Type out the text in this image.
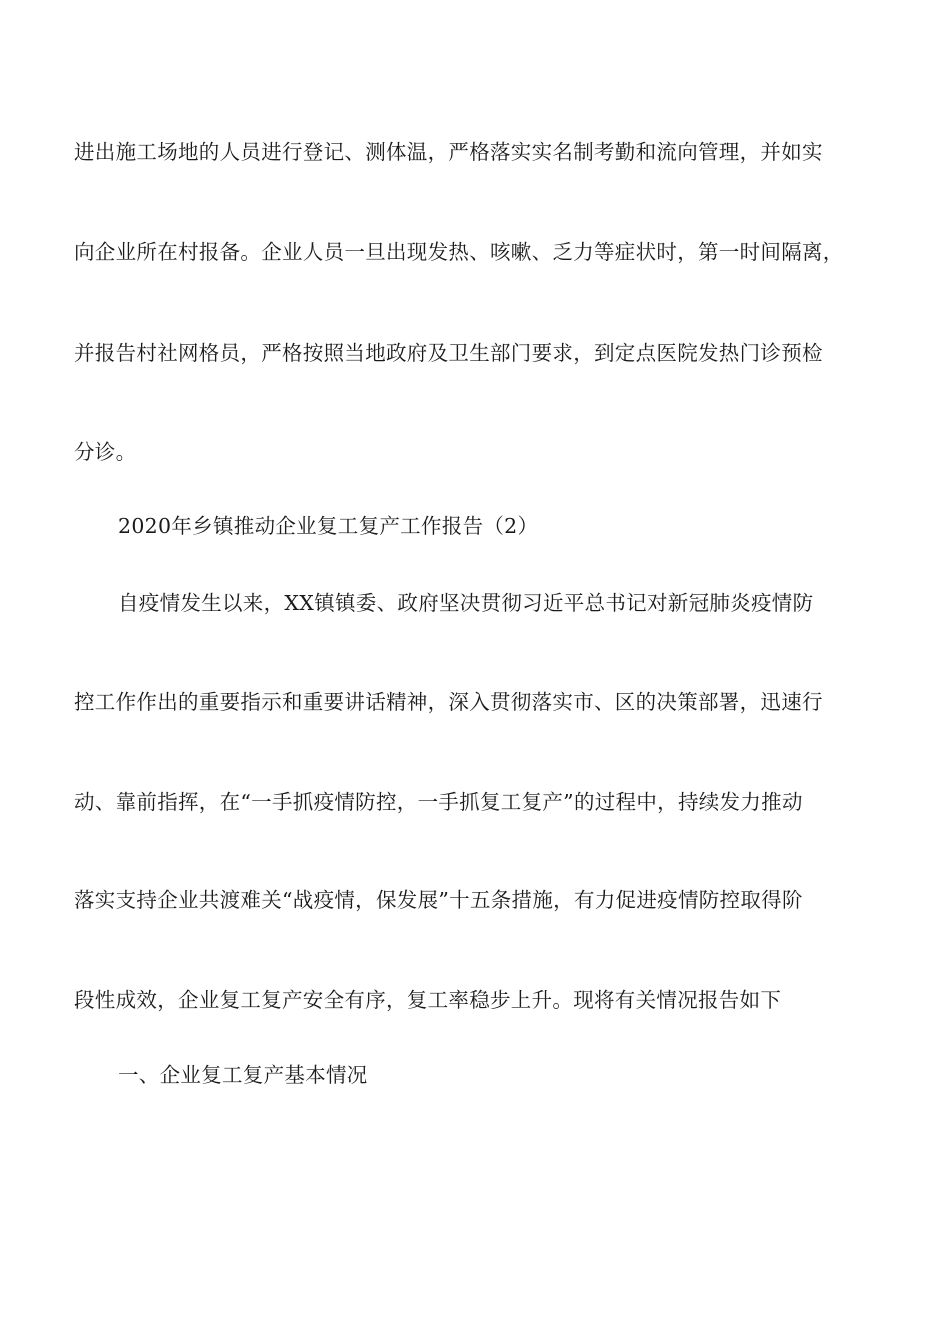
进出施工场地的人员进行登记、测体温，严格落实实名制考勤和流向管理，并如实
向企业所在村报备。企业人员一旦出现发热、咳嗽、乏力等症状时，第一时间隔离，
并报告村社网格员，严格按照当地政府及卫生部门要求，到定点医院发热门诊预检
分诊。
2020年乡镇推动企业复工复产工作报告（2）
自疫情发生以来，XX镇镇委、政府坚决贯彻习近平总书记对新冠肺炎疫情防
控工作作出的重要指示和重要讲话精神，深入贯彻落实市、区的决策部署，迅速行
动、靠前指挥，在“一手抓疫情防控，一手抓复工复产”的过程中，持续发力推动
落实支持企业共渡难关“战疫情，保发展”十五条措施，有力促进疫情防控取得阶
段性成效，企业复工复产安全有序，复工率稳步上升。现将有关情况报告如下
一、企业复工复产基本情况
